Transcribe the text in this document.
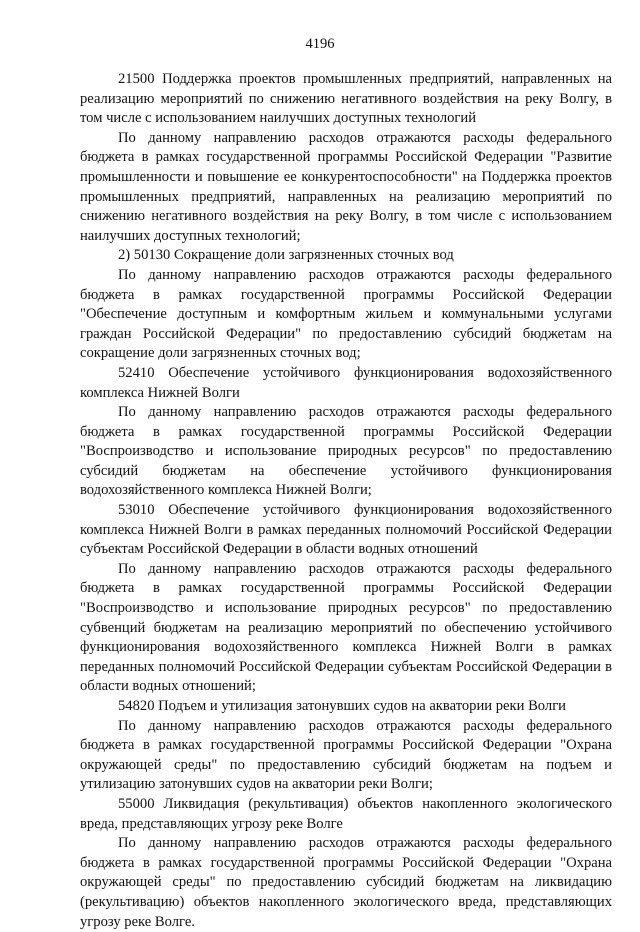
4196

21500 Поддержка проектов промышленных предприятий, направленных на реализацию мероприятий по снижению негативного воздействия на реку Волгу, в том числе с использованием наилучших доступных технологий

По данному направлению расходов отражаются расходы федерального бюджета в рамках государственной программы Российской Федерации "Развитие промышленности и повышение ее конкурентоспособности" на Поддержка проектов промышленных предприятий, направленных на реализацию мероприятий по снижению негативного воздействия на реку Волгу, в том числе с использованием наилучших доступных технологий;

2) 50130 Сокращение доли загрязненных сточных вод

По данному направлению расходов отражаются расходы федерального бюджета в рамках государственной программы Российской Федерации "Обеспечение доступным и комфортным жильем и коммунальными услугами граждан Российской Федерации" по предоставлению субсидий бюджетам на сокращение доли загрязненных сточных вод;

52410 Обеспечение устойчивого функционирования водохозяйственного комплекса Нижней Волги

По данному направлению расходов отражаются расходы федерального бюджета в рамках государственной программы Российской Федерации "Воспроизводство и использование природных ресурсов" по предоставлению субсидий бюджетам на обеспечение устойчивого функционирования водохозяйственного комплекса Нижней Волги;

53010 Обеспечение устойчивого функционирования водохозяйственного комплекса Нижней Волги в рамках переданных полномочий Российской Федерации субъектам Российской Федерации в области водных отношений

По данному направлению расходов отражаются расходы федерального бюджета в рамках государственной программы Российской Федерации "Воспроизводство и использование природных ресурсов" по предоставлению субвенций бюджетам на реализацию мероприятий по обеспечению устойчивого функционирования водохозяйственного комплекса Нижней Волги в рамках переданных полномочий Российской Федерации субъектам Российской Федерации в области водных отношений;

54820 Подъем и утилизация затонувших судов на акватории реки Волги

По данному направлению расходов отражаются расходы федерального бюджета в рамках государственной программы Российской Федерации "Охрана окружающей среды" по предоставлению субсидий бюджетам на подъем и утилизацию затонувших судов на акватории реки Волги;

55000 Ликвидация (рекультивация) объектов накопленного экологического вреда, представляющих угрозу реке Волге

По данному направлению расходов отражаются расходы федерального бюджета в рамках государственной программы Российской Федерации "Охрана окружающей среды" по предоставлению субсидий бюджетам на ликвидацию (рекультивацию) объектов накопленного экологического вреда, представляющих угрозу реке Волге.
